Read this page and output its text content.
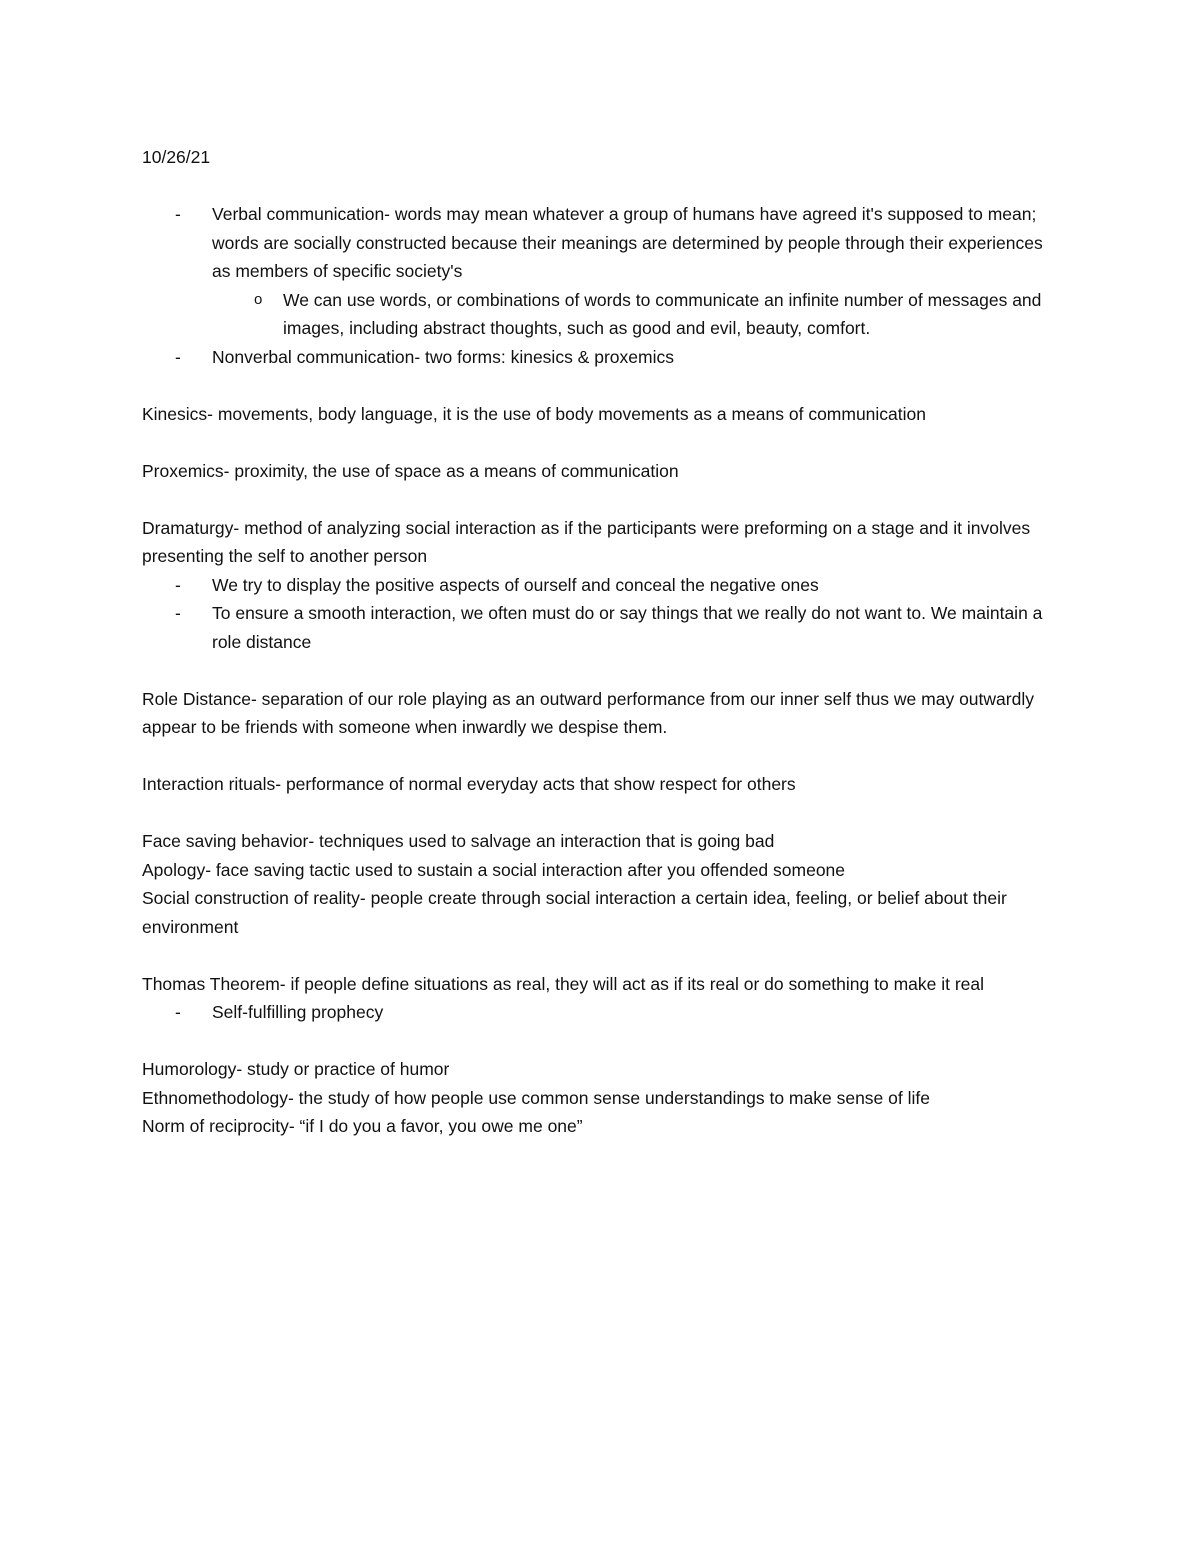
10/26/21

- Verbal communication- words may mean whatever a group of humans have agreed it's supposed to mean; words are socially constructed because their meanings are determined by people through their experiences as members of specific society's

o We can use words, or combinations of words to communicate an infinite number of messages and images, including abstract thoughts, such as good and evil, beauty, comfort.

- Nonverbal communication- two forms: kinesics & proxemics

Kinesics- movements, body language, it is the use of body movements as a means of communication

Proxemics- proximity, the use of space as a means of communication

Dramaturgy- method of analyzing social interaction as if the participants were preforming on a stage and it involves presenting the self to another person

- We try to display the positive aspects of ourself and conceal the negative ones

- To ensure a smooth interaction, we often must do or say things that we really do not want to. We maintain a role distance

Role Distance- separation of our role playing as an outward performance from our inner self thus we may outwardly appear to be friends with someone when inwardly we despise them.

Interaction rituals- performance of normal everyday acts that show respect for others

Face saving behavior- techniques used to salvage an interaction that is going bad

Apology- face saving tactic used to sustain a social interaction after you offended someone

Social construction of reality- people create through social interaction a certain idea, feeling, or belief about their environment

Thomas Theorem- if people define situations as real, they will act as if its real or do something to make it real

- Self-fulfilling prophecy

Humorology- study or practice of humor

Ethnomethodology- the study of how people use common sense understandings to make sense of life

Norm of reciprocity- “if I do you a favor, you owe me one”
